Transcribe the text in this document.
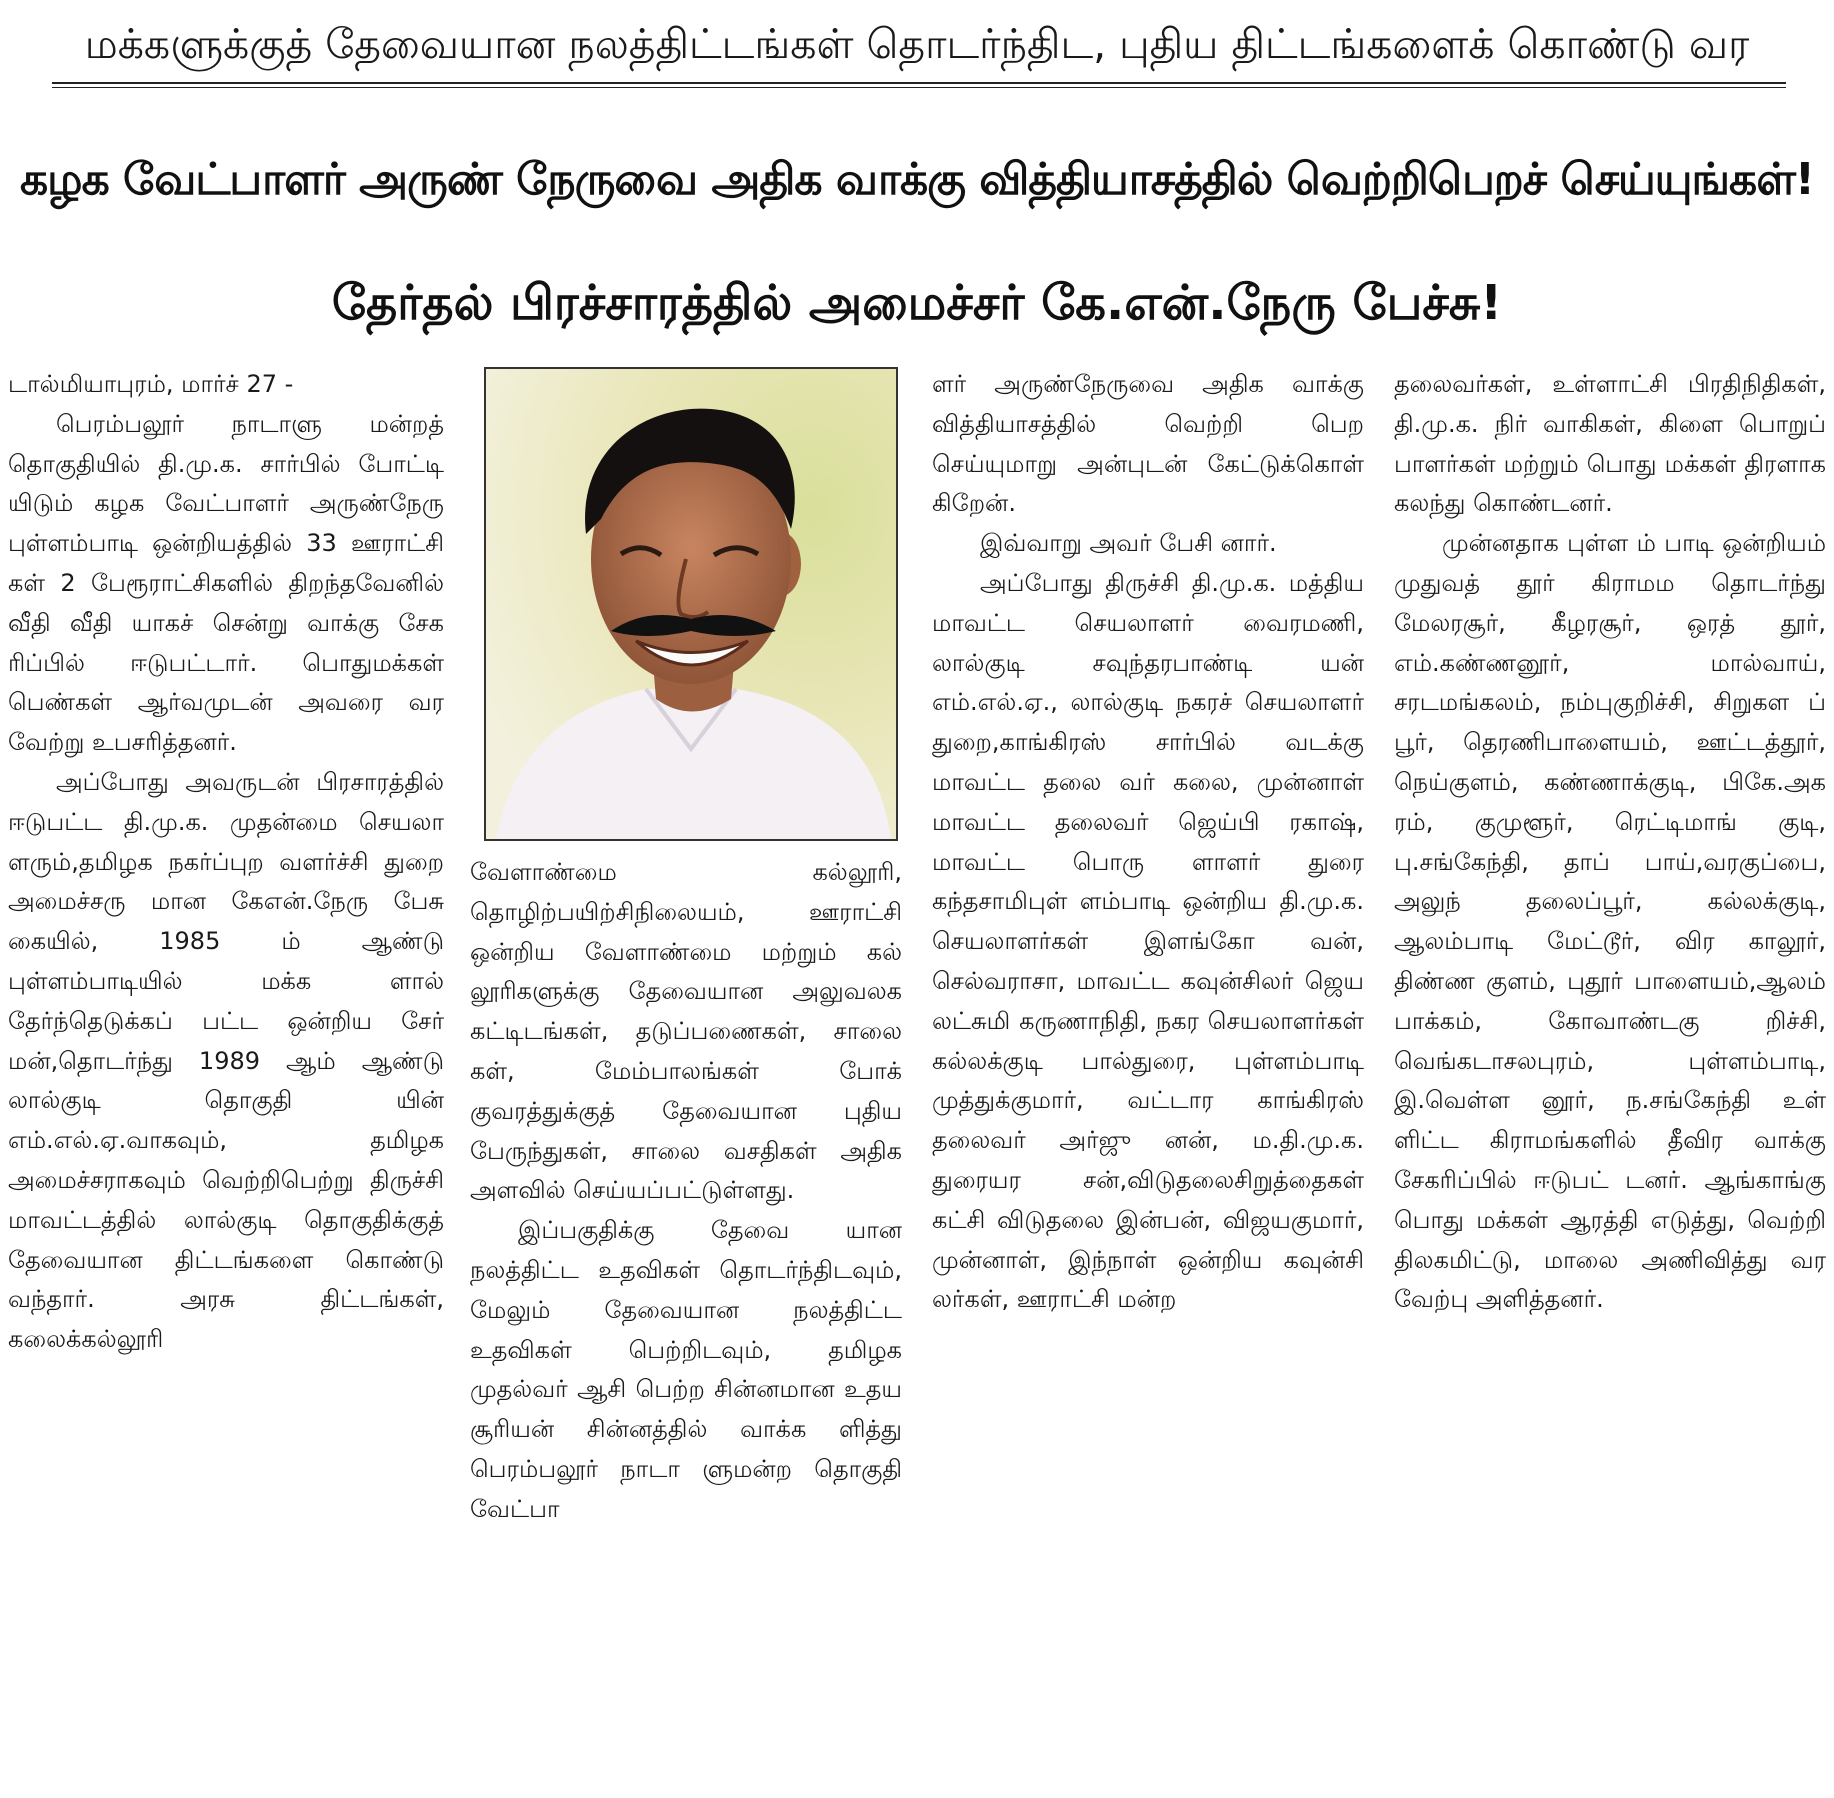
மக்களுக்குத் தேவையான நலத்திட்டங்கள் தொடர்ந்திட, புதிய திட்டங்களைக் கொண்டு வர
கழக வேட்பாளர் அருண் நேருவை அதிக வாக்கு வித்தியாசத்தில் வெற்றிபெறச் செய்யுங்கள்!
தேர்தல் பிரச்சாரத்தில் அமைச்சர் கே.என்.நேரு பேச்சு!

டால்மியாபுரம், மார்ச் 27 -

பெரம்பலூர் நாடாளு மன்றத் தொகுதியில் தி.மு.க. சார்பில் போட்டி யிடும் கழக வேட்பாளர் அருண்நேரு புள்ளம்பாடி ஒன்றியத்தில் 33 ஊராட்சி கள் 2 பேரூராட்சிகளில் திறந்தவேனில் வீதி வீதி யாகச் சென்று வாக்கு சேக ரிப்பில் ஈடுபட்டார். பொதுமக்கள் பெண்கள் ஆர்வமுடன் அவரை வர வேற்று உபசரித்தனர்.

அப்போது அவருடன் பிரசாரத்தில் ஈடுபட்ட தி.மு.க. முதன்மை செயலா ளரும்,தமிழக நகர்ப்புற வளர்ச்சி துறை அமைச்சரு மான கேஎன்.நேரு பேசு கையில், 1985 ம் ஆண்டு புள்ளம்பாடியில் மக்க ளால் தேர்ந்தெடுக்கப் பட்ட ஒன்றிய சேர் மன்,தொடர்ந்து 1989 ஆம் ஆண்டு லால்குடி தொகுதி யின் எம்.எல்.ஏ.வாகவும், தமிழக அமைச்சராகவும் வெற்றிபெற்று திருச்சி மாவட்டத்தில் லால்குடி தொகுதிக்குத் தேவையான திட்டங்களை கொண்டு வந்தார். அரசு திட்டங்கள், கலைக்கல்லூரி

வேளாண்மை கல்லூரி, தொழிற்பயிற்சிநிலையம், ஊராட்சி ஒன்றிய வேளாண்மை மற்றும் கல் லூரிகளுக்கு தேவையான அலுவலக கட்டிடங்கள், தடுப்பணைகள், சாலை கள், மேம்பாலங்கள் போக் குவரத்துக்குத் தேவையான புதிய பேருந்துகள், சாலை வசதிகள் அதிக அளவில் செய்யப்பட்டுள்ளது.

இப்பகுதிக்கு தேவை யான நலத்திட்ட உதவிகள் தொடர்ந்திடவும், மேலும் தேவையான நலத்திட்ட உதவிகள் பெற்றிடவும், தமிழக முதல்வர் ஆசி பெற்ற சின்னமான உதய சூரியன் சின்னத்தில் வாக்க ளித்து பெரம்பலூர் நாடா ளுமன்ற தொகுதி வேட்பா

ளர் அருண்நேருவை அதிக வாக்கு வித்தியாசத்தில் வெற்றி பெற செய்யுமாறு அன்புடன் கேட்டுக்கொள் கிறேன்.

இவ்வாறு அவர் பேசி னார்.

அப்போது திருச்சி தி.மு.க. மத்திய மாவட்ட செயலாளர் வைரமணி, லால்குடி சவுந்தரபாண்டி யன் எம்.எல்.ஏ., லால்குடி நகரச் செயலாளர் துறை,காங்கிரஸ் சார்பில் வடக்கு மாவட்ட தலை வர் கலை, முன்னாள் மாவட்ட தலைவர் ஜெய்பி ரகாஷ், மாவட்ட பொரு ளாளர் துரை கந்தசாமிபுள் ளம்பாடி ஒன்றிய தி.மு.க. செயலாளர்கள் இளங்கோ வன், செல்வராசா, மாவட்ட கவுன்சிலர் ஜெய லட்சுமி கருணாநிதி, நகர செயலாளர்கள் கல்லக்குடி பால்துரை, புள்ளம்பாடி முத்துக்குமார், வட்டார காங்கிரஸ் தலைவர் அர்ஜு னன், ம.தி.மு.க. துரையர சன்,விடுதலைசிறுத்தைகள் கட்சி விடுதலை இன்பன், விஜயகுமார், முன்னாள், இந்நாள் ஒன்றிய கவுன்சி லர்கள், ஊராட்சி மன்ற

தலைவர்கள், உள்ளாட்சி பிரதிநிதிகள், தி.மு.க. நிர் வாகிகள், கிளை பொறுப் பாளர்கள் மற்றும் பொது மக்கள் திரளாக கலந்து கொண்டனர்.

முன்னதாக புள்ள ம் பாடி ஒன்றியம் முதுவத் தூர் கிராமம தொடர்ந்து மேலரசூர், கீழரசூர், ஒரத் தூர், எம்.கண்ணனூர், மால்வாய், சரடமங்கலம், நம்புகுறிச்சி, சிறுகள ப் பூர், தெரணிபாளையம், ஊட்டத்தூர், நெய்குளம், கண்ணாக்குடி, பிகே.அக ரம், குமுளூர், ரெட்டிமாங் குடி, பு.சங்கேந்தி, தாப் பாய்,வரகுப்பை, அலுந் தலைப்பூர், கல்லக்குடி, ஆலம்பாடி மேட்டூர், விர காலூர், திண்ண குளம், புதூர் பாளையம்,ஆலம் பாக்கம், கோவாண்டகு றிச்சி, வெங்கடாசலபுரம், புள்ளம்பாடி, இ.வெள்ள னூர், ந.சங்கேந்தி உள் ளிட்ட கிராமங்களில் தீவிர வாக்கு சேகரிப்பில் ஈடுபட் டனர். ஆங்காங்கு பொது மக்கள் ஆரத்தி எடுத்து, வெற்றி திலகமிட்டு, மாலை அணிவித்து வர வேற்பு அளித்தனர்.
